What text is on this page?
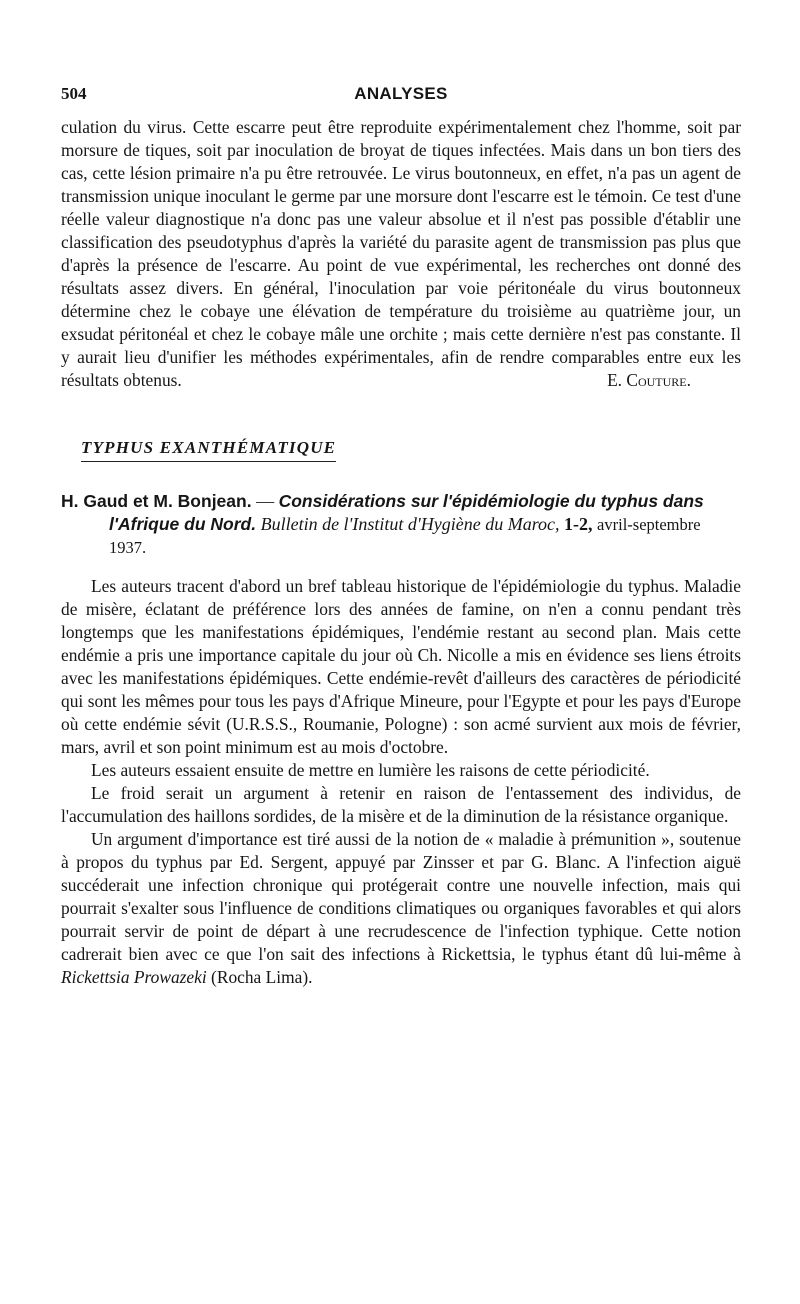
504	ANALYSES

culation du virus. Cette escarre peut être reproduite expérimentalement chez l'homme, soit par morsure de tiques, soit par inoculation de broyat de tiques infectées. Mais dans un bon tiers des cas, cette lésion primaire n'a pu être retrouvée. Le virus boutonneux, en effet, n'a pas un agent de transmission unique inoculant le germe par une morsure dont l'escarre est le témoin. Ce test d'une réelle valeur diagnostique n'a donc pas une valeur absolue et il n'est pas possible d'établir une classification des pseudotyphus d'après la variété du parasite agent de transmission pas plus que d'après la présence de l'escarre. Au point de vue expérimental, les recherches ont donné des résultats assez divers. En général, l'inoculation par voie péritonéale du virus boutonneux détermine chez le cobaye une élévation de température du troisième au quatrième jour, un exsudat péritonéal et chez le cobaye mâle une orchite ; mais cette dernière n'est pas constante. Il y aurait lieu d'unifier les méthodes expérimentales, afin de rendre comparables entre eux les résultats obtenus.	E. Couture.

TYPHUS EXANTHÉMATIQUE

H. Gaud et M. Bonjean. — Considérations sur l'épidémiologie du typhus dans l'Afrique du Nord. Bulletin de l'Institut d'Hygiène du Maroc, 1-2, avril-septembre 1937.

Les auteurs tracent d'abord un bref tableau historique de l'épidémiologie du typhus. Maladie de misère, éclatant de préférence lors des années de famine, on n'en a connu pendant très longtemps que les manifestations épidémiques, l'endémie restant au second plan. Mais cette endémie a pris une importance capitale du jour où Ch. Nicolle a mis en évidence ses liens étroits avec les manifestations épidémiques. Cette endémie-revêt d'ailleurs des caractères de périodicité qui sont les mêmes pour tous les pays d'Afrique Mineure, pour l'Egypte et pour les pays d'Europe où cette endémie sévit (U.R.S.S., Roumanie, Pologne) : son acmé survient aux mois de février, mars, avril et son point minimum est au mois d'octobre.

Les auteurs essaient ensuite de mettre en lumière les raisons de cette périodicité.

Le froid serait un argument à retenir en raison de l'entassement des individus, de l'accumulation des haillons sordides, de la misère et de la diminution de la résistance organique.

Un argument d'importance est tiré aussi de la notion de « maladie à prémunition », soutenue à propos du typhus par Ed. Sergent, appuyé par Zinsser et par G. Blanc. A l'infection aiguë succéderait une infection chronique qui protégerait contre une nouvelle infection, mais qui pourrait s'exalter sous l'influence de conditions climatiques ou organiques favorables et qui alors pourrait servir de point de départ à une recrudescence de l'infection typhique. Cette notion cadrerait bien avec ce que l'on sait des infections à Rickettsia, le typhus étant dû lui-même à Rickettsia Prowazeki (Rocha Lima).
